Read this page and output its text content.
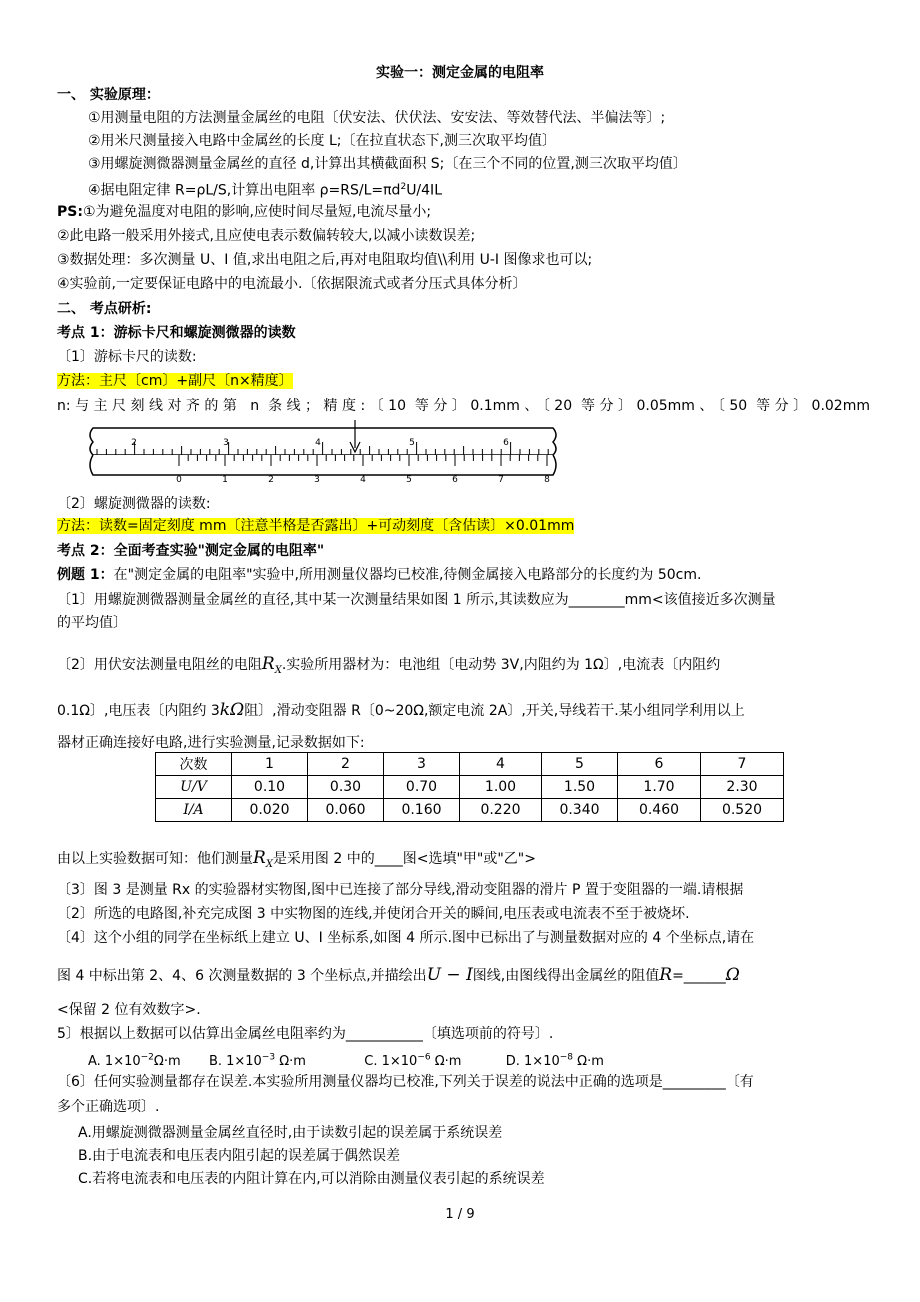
实验一：测定金属的电阻率
一、 实验原理：
①用测量电阻的方法测量金属丝的电阻〔伏安法、伏伏法、安安法、等效替代法、半偏法等〕;
②用米尺测量接入电路中金属丝的长度 L;〔在拉直状态下,测三次取平均值〕
③用螺旋测微器测量金属丝的直径 d,计算出其横截面积 S;〔在三个不同的位置,测三次取平均值〕
④据电阻定律 R=ρL/S,计算出电阻率 $\rho=RS/L=\pi d^2U/4IL$
PS:①为避免温度对电阻的影响,应使时间尽量短,电流尽量小;
②此电路一般采用外接式,且应使电表示数偏转较大,以减小读数误差;
③数据处理：多次测量 U、I 值,求出电阻之后,再对电阻取均值\\利用 U-I 图像求也可以;
④实验前,一定要保证电路中的电流最小.〔依据限流式或者分压式具体分析〕
二、 考点研析:
考点 1：游标卡尺和螺旋测微器的读数
〔1〕游标卡尺的读数:
方法：主尺〔cm〕+副尺〔n×精度〕
n:与主尺刻线对齐的第 n 条线；精度:〔10 等分〕0.1mm、〔20 等分〕0.05mm、〔50 等分〕0.02mm
2	3	4	5	6
0	1	2	3	4	5	6	7	8
〔2〕螺旋测微器的读数:
方法：读数=固定刻度 mm〔注意半格是否露出〕+可动刻度〔含估读〕×0.01mm
考点 2：全面考查实验"测定金属的电阻率"
例题 1：在"测定金属的电阻率"实验中,所用测量仪器均已校准,待侧金属接入电路部分的长度约为 50cm.
〔1〕用螺旋测微器测量金属丝的直径,其中某一次测量结果如图 1 所示,其读数应为________mm<该值接近多次测量
的平均值〕
〔2〕用伏安法测量电阻丝的电阻$R_X$.实验所用器材为：电池组〔电动势 3V,内阻约为 1Ω〕,电流表〔内阻约
0.1Ω〕,电压表〔内阻约 3kΩ阻〕,滑动变阻器 R〔0~20Ω,额定电流 2A〕,开关,导线若干.某小组同学利用以上
器材正确连接好电路,进行实验测量,记录数据如下:
次数	1	2	3	4	5	6	7
U/V	0.10	0.30	0.70	1.00	1.50	1.70	2.30
I/A	0.020	0.060	0.160	0.220	0.340	0.460	0.520
由以上实验数据可知：他们测量$R_X$是采用图 2 中的____图<选填"甲"或"乙">
〔3〕图 3 是测量 Rx 的实验器材实物图,图中已连接了部分导线,滑动变阻器的滑片 P 置于变阻器的一端.请根据
〔2〕所选的电路图,补充完成图 3 中实物图的连线,并使闭合开关的瞬间,电压表或电流表不至于被烧坏.
〔4〕这个小组的同学在坐标纸上建立 U、I 坐标系,如图 4 所示.图中已标出了与测量数据对应的 4 个坐标点,请在
图 4 中标出第 2、4、6 次测量数据的 3 个坐标点,并描绘出U − I图线,由图线得出金属丝的阻值R=______Ω
<保留 2 位有效数字>.
5〕根据以上数据可以估算出金属丝电阻率约为___________〔填选项前的符号〕.
A. $1\times 10^{-2}\Omega\cdot m$ B. $1\times 10^{-3}$ Ω·m	C. $1\times 10^{-6}$ Ω·m	D. $1\times 10^{-8}$ Ω·m
〔6〕任何实验测量都存在误差.本实验所用测量仪器均已校准,下列关于误差的说法中正确的选项是_________〔有
多个正确选项〕.
A.用螺旋测微器测量金属丝直径时,由于读数引起的误差属于系统误差
B.由于电流表和电压表内阻引起的误差属于偶然误差
C.若将电流表和电压表的内阻计算在内,可以消除由测量仪表引起的系统误差
1 / 9
